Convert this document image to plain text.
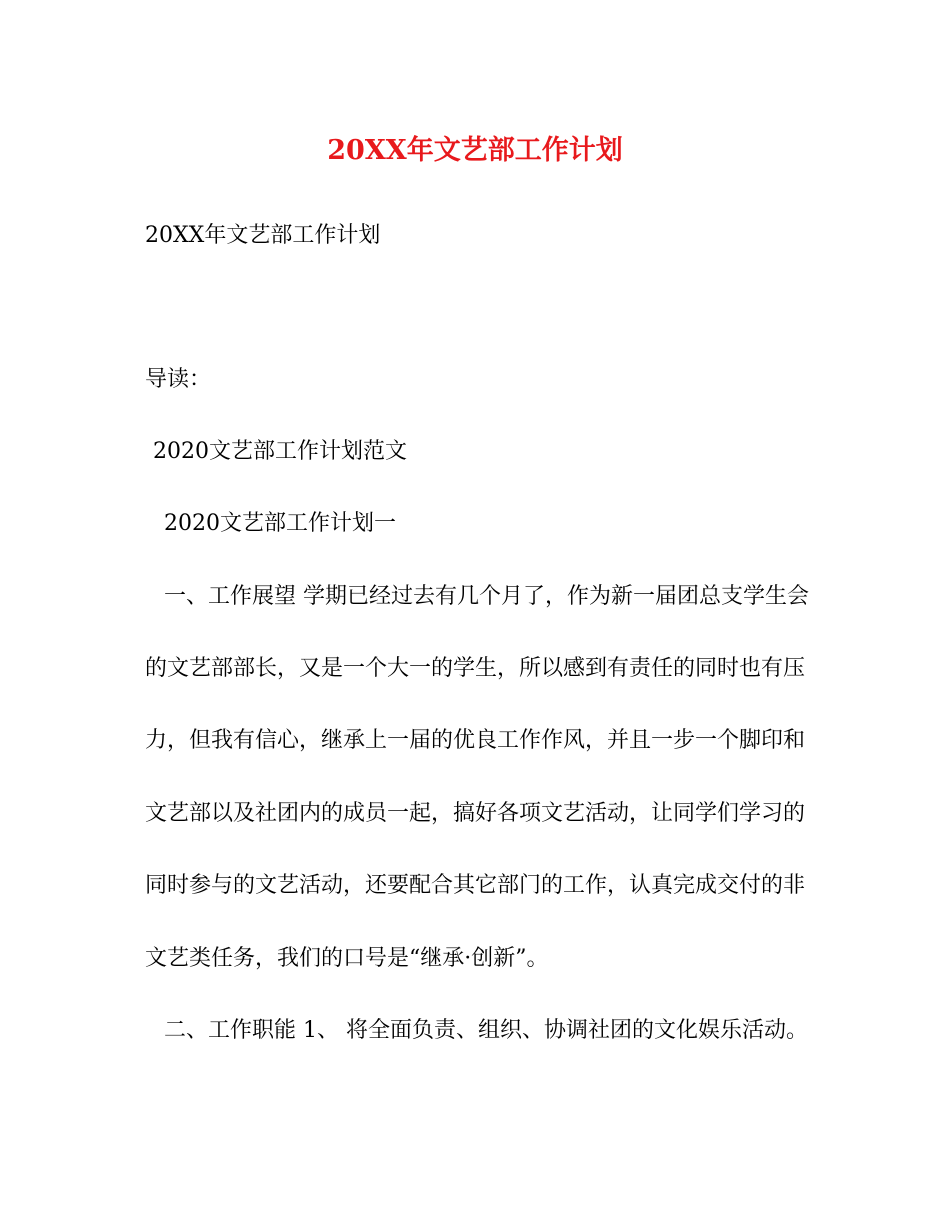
20XX年文艺部工作计划
20XX年文艺部工作计划
导读：
2020文艺部工作计划范文
2020文艺部工作计划一
一、工作展望 学期已经过去有几个月了，作为新一届团总支学生会
的文艺部部长，又是一个大一的学生，所以感到有责任的同时也有压
力，但我有信心，继承上一届的优良工作作风，并且一步一个脚印和
文艺部以及社团内的成员一起，搞好各项文艺活动，让同学们学习的
同时参与的文艺活动，还要配合其它部门的工作，认真完成交付的非
文艺类任务，我们的口号是“继承·创新”。
二、工作职能 1、 将全面负责、组织、协调社团的文化娱乐活动。
